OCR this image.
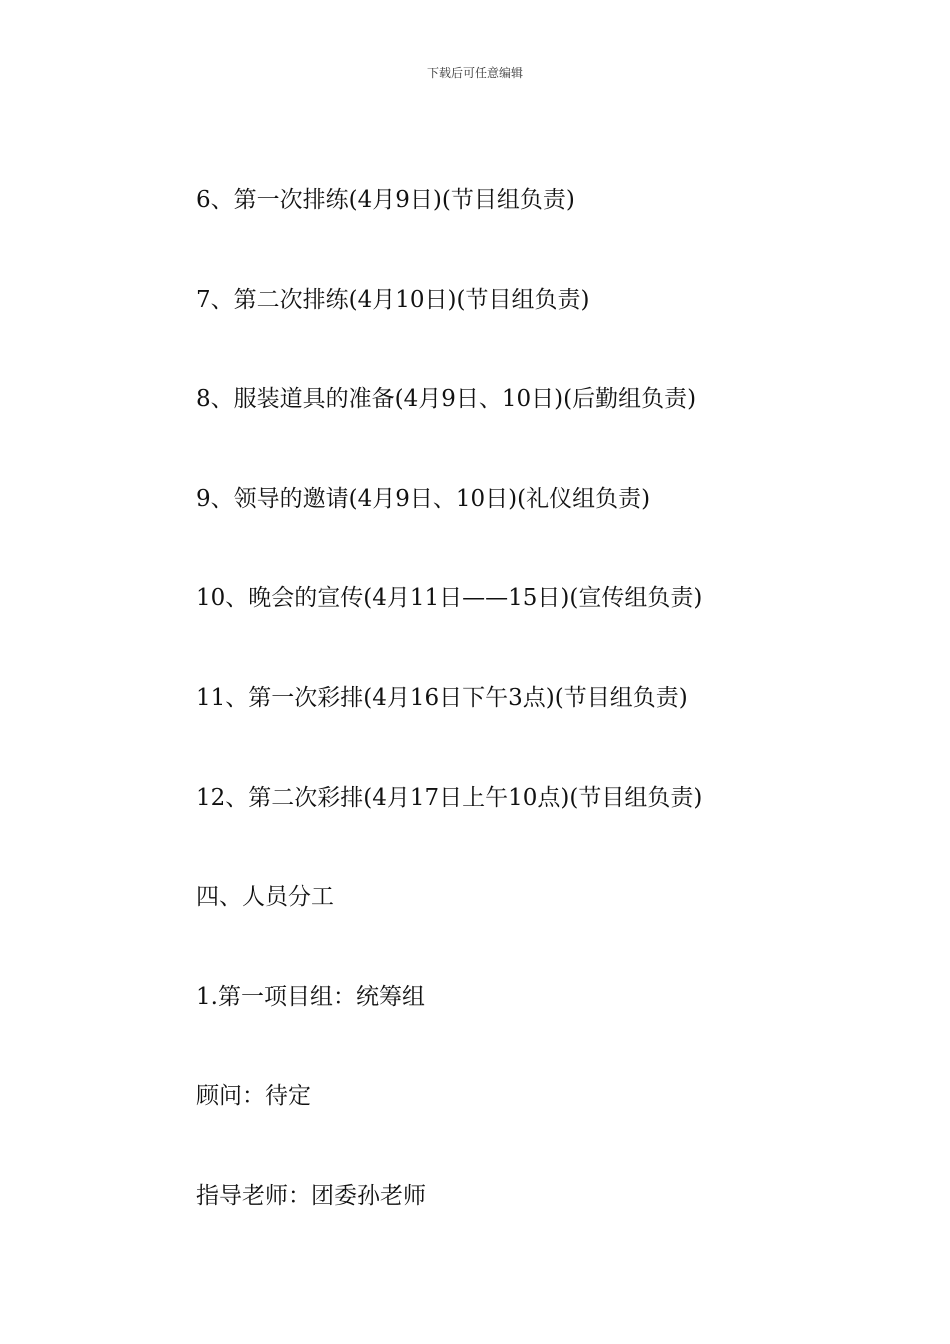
下载后可任意编辑
6、第一次排练(4月9日)(节目组负责)
7、第二次排练(4月10日)(节目组负责)
8、服装道具的准备(4月9日、10日)(后勤组负责)
9、领导的邀请(4月9日、10日)(礼仪组负责)
10、晚会的宣传(4月11日——15日)(宣传组负责)
11、第一次彩排(4月16日下午3点)(节目组负责)
12、第二次彩排(4月17日上午10点)(节目组负责)
四、人员分工
1.第一项目组：统筹组
顾问：待定
指导老师：团委孙老师
